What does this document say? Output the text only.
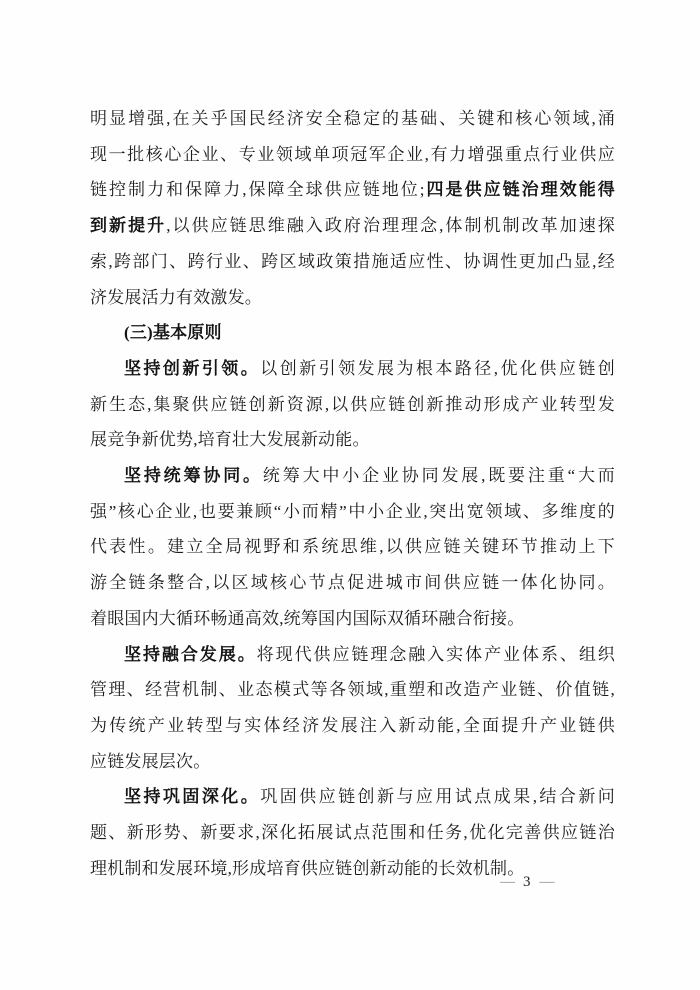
明显增强,在关乎国民经济安全稳定的基础、关键和核心领域,涌
现一批核心企业、专业领域单项冠军企业,有力增强重点行业供应
链控制力和保障力,保障全球供应链地位;四是供应链治理效能得
到新提升,以供应链思维融入政府治理理念,体制机制改革加速探
索,跨部门、跨行业、跨区域政策措施适应性、协调性更加凸显,经
济发展活力有效激发。
(三)基本原则
坚持创新引领。以创新引领发展为根本路径,优化供应链创
新生态,集聚供应链创新资源,以供应链创新推动形成产业转型发
展竞争新优势,培育壮大发展新动能。
坚持统筹协同。统筹大中小企业协同发展,既要注重“大而
强”核心企业,也要兼顾“小而精”中小企业,突出宽领域、多维度的
代表性。建立全局视野和系统思维,以供应链关键环节推动上下
游全链条整合,以区域核心节点促进城市间供应链一体化协同。
着眼国内大循环畅通高效,统筹国内国际双循环融合衔接。
坚持融合发展。将现代供应链理念融入实体产业体系、组织
管理、经营机制、业态模式等各领域,重塑和改造产业链、价值链,
为传统产业转型与实体经济发展注入新动能,全面提升产业链供
应链发展层次。
坚持巩固深化。巩固供应链创新与应用试点成果,结合新问
题、新形势、新要求,深化拓展试点范围和任务,优化完善供应链治
理机制和发展环境,形成培育供应链创新动能的长效机制。
— 3 —
